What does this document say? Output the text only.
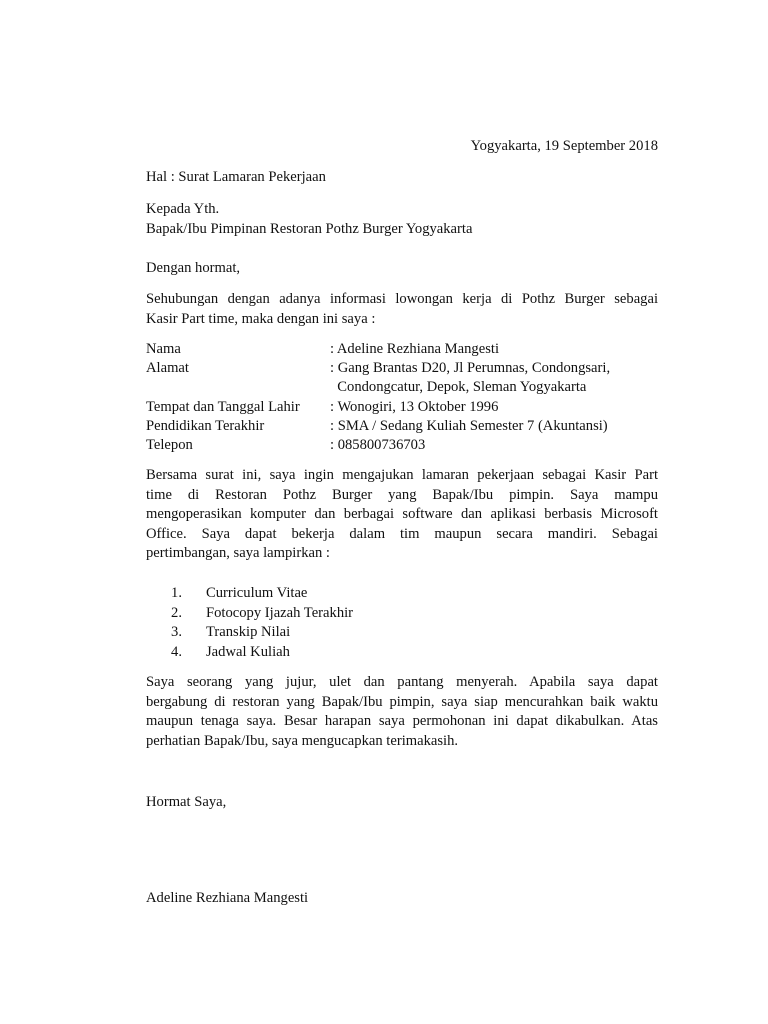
Yogyakarta, 19 September 2018
Hal : Surat Lamaran Pekerjaan
Kepada Yth.
Bapak/Ibu Pimpinan Restoran Pothz Burger Yogyakarta
Dengan hormat,
Sehubungan dengan adanya informasi lowongan kerja di Pothz Burger sebagai
Kasir Part time, maka dengan ini saya :
Nama	: Adeline Rezhiana Mangesti
Alamat	: Gang Brantas D20, Jl Perumnas, Condongsari,
Condongcatur, Depok, Sleman Yogyakarta
Tempat dan Tanggal Lahir : Wonogiri, 13 Oktober 1996
Pendidikan Terakhir	: SMA / Sedang Kuliah Semester 7 (Akuntansi)
Telepon	: 085800736703
Bersama surat ini, saya ingin mengajukan lamaran pekerjaan sebagai Kasir Part
time di Restoran Pothz Burger yang Bapak/Ibu pimpin. Saya mampu
mengoperasikan komputer dan berbagai software dan aplikasi berbasis Microsoft
Office. Saya dapat bekerja dalam tim maupun secara mandiri. Sebagai
pertimbangan, saya lampirkan :
1. Curriculum Vitae
2. Fotocopy Ijazah Terakhir
3. Transkip Nilai
4. Jadwal Kuliah
Saya seorang yang jujur, ulet dan pantang menyerah. Apabila saya dapat
bergabung di restoran yang Bapak/Ibu pimpin, saya siap mencurahkan baik waktu
maupun tenaga saya. Besar harapan saya permohonan ini dapat dikabulkan. Atas
perhatian Bapak/Ibu, saya mengucapkan terimakasih.
Hormat Saya,
Adeline Rezhiana Mangesti
